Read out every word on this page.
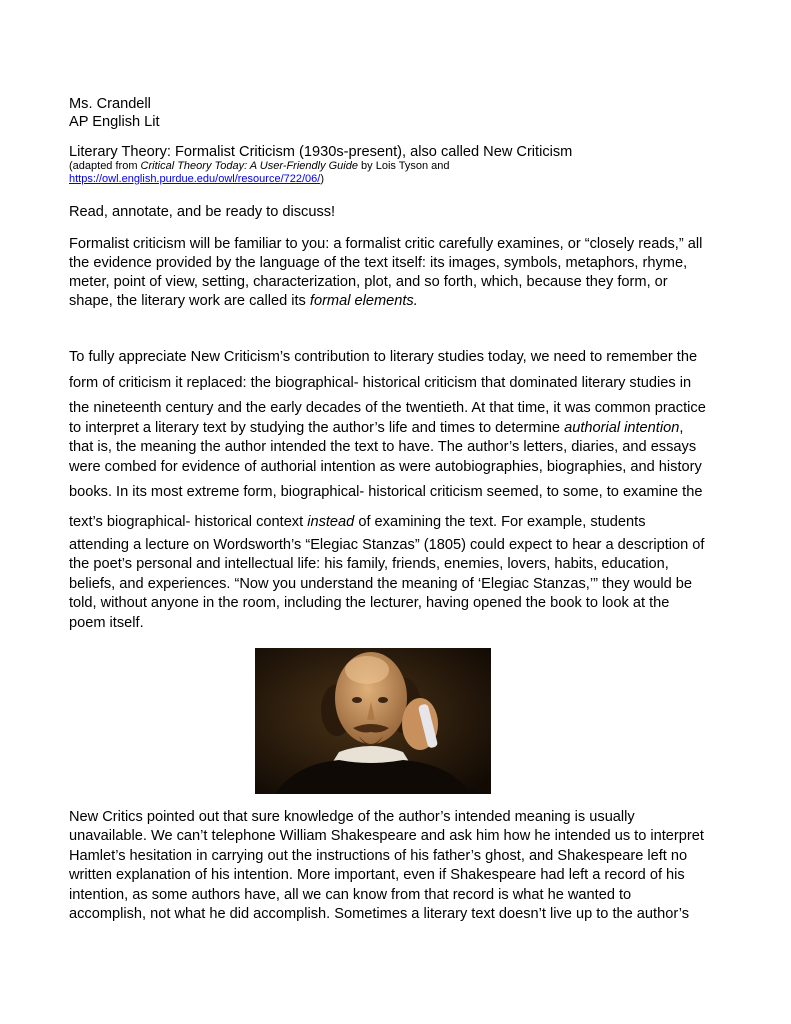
Ms. Crandell

AP English Lit

Literary Theory: Formalist Criticism (1930s-present), also called New Criticism

(adapted from Critical Theory Today: A User-Friendly Guide by Lois Tyson and

https://owl.english.purdue.edu/owl/resource/722/06/)

Read, annotate, and be ready to discuss!

Formalist criticism will be familiar to you: a formalist critic carefully examines, or “closely reads,” all

the evidence provided by the language of the text itself: its images, symbols, metaphors, rhyme,

meter, point of view, setting, characterization, plot, and so forth, which, because they form, or

shape, the literary work are called its formal elements.

To fully appreciate New Criticism’s contribution to literary studies today, we need to remember the

form of criticism it replaced: the biographical- historical criticism that dominated literary studies in

the nineteenth century and the early decades of the twentieth. At that time, it was common practice

to interpret a literary text by studying the author’s life and times to determine authorial intention,

that is, the meaning the author intended the text to have. The author’s letters, diaries, and essays

were combed for evidence of authorial intention as were autobiographies, biographies, and history

books. In its most extreme form, biographical- historical criticism seemed, to some, to examine the

text’s biographical- historical context instead of examining the text. For example, students

attending a lecture on Wordsworth’s “Elegiac Stanzas” (1805) could expect to hear a description of

the poet’s personal and intellectual life: his family, friends, enemies, lovers, habits, education,

beliefs, and experiences. “Now you understand the meaning of ‘Elegiac Stanzas,’” they would be

told, without anyone in the room, including the lecturer, having opened the book to look at the

poem itself.

New Critics pointed out that sure knowledge of the author’s intended meaning is usually

unavailable. We can’t telephone William Shakespeare and ask him how he intended us to interpret

Hamlet’s hesitation in carrying out the instructions of his father’s ghost, and Shakespeare left no

written explanation of his intention. More important, even if Shakespeare had left a record of his

intention, as some authors have, all we can know from that record is what he wanted to

accomplish, not what he did accomplish. Sometimes a literary text doesn’t live up to the author’s
